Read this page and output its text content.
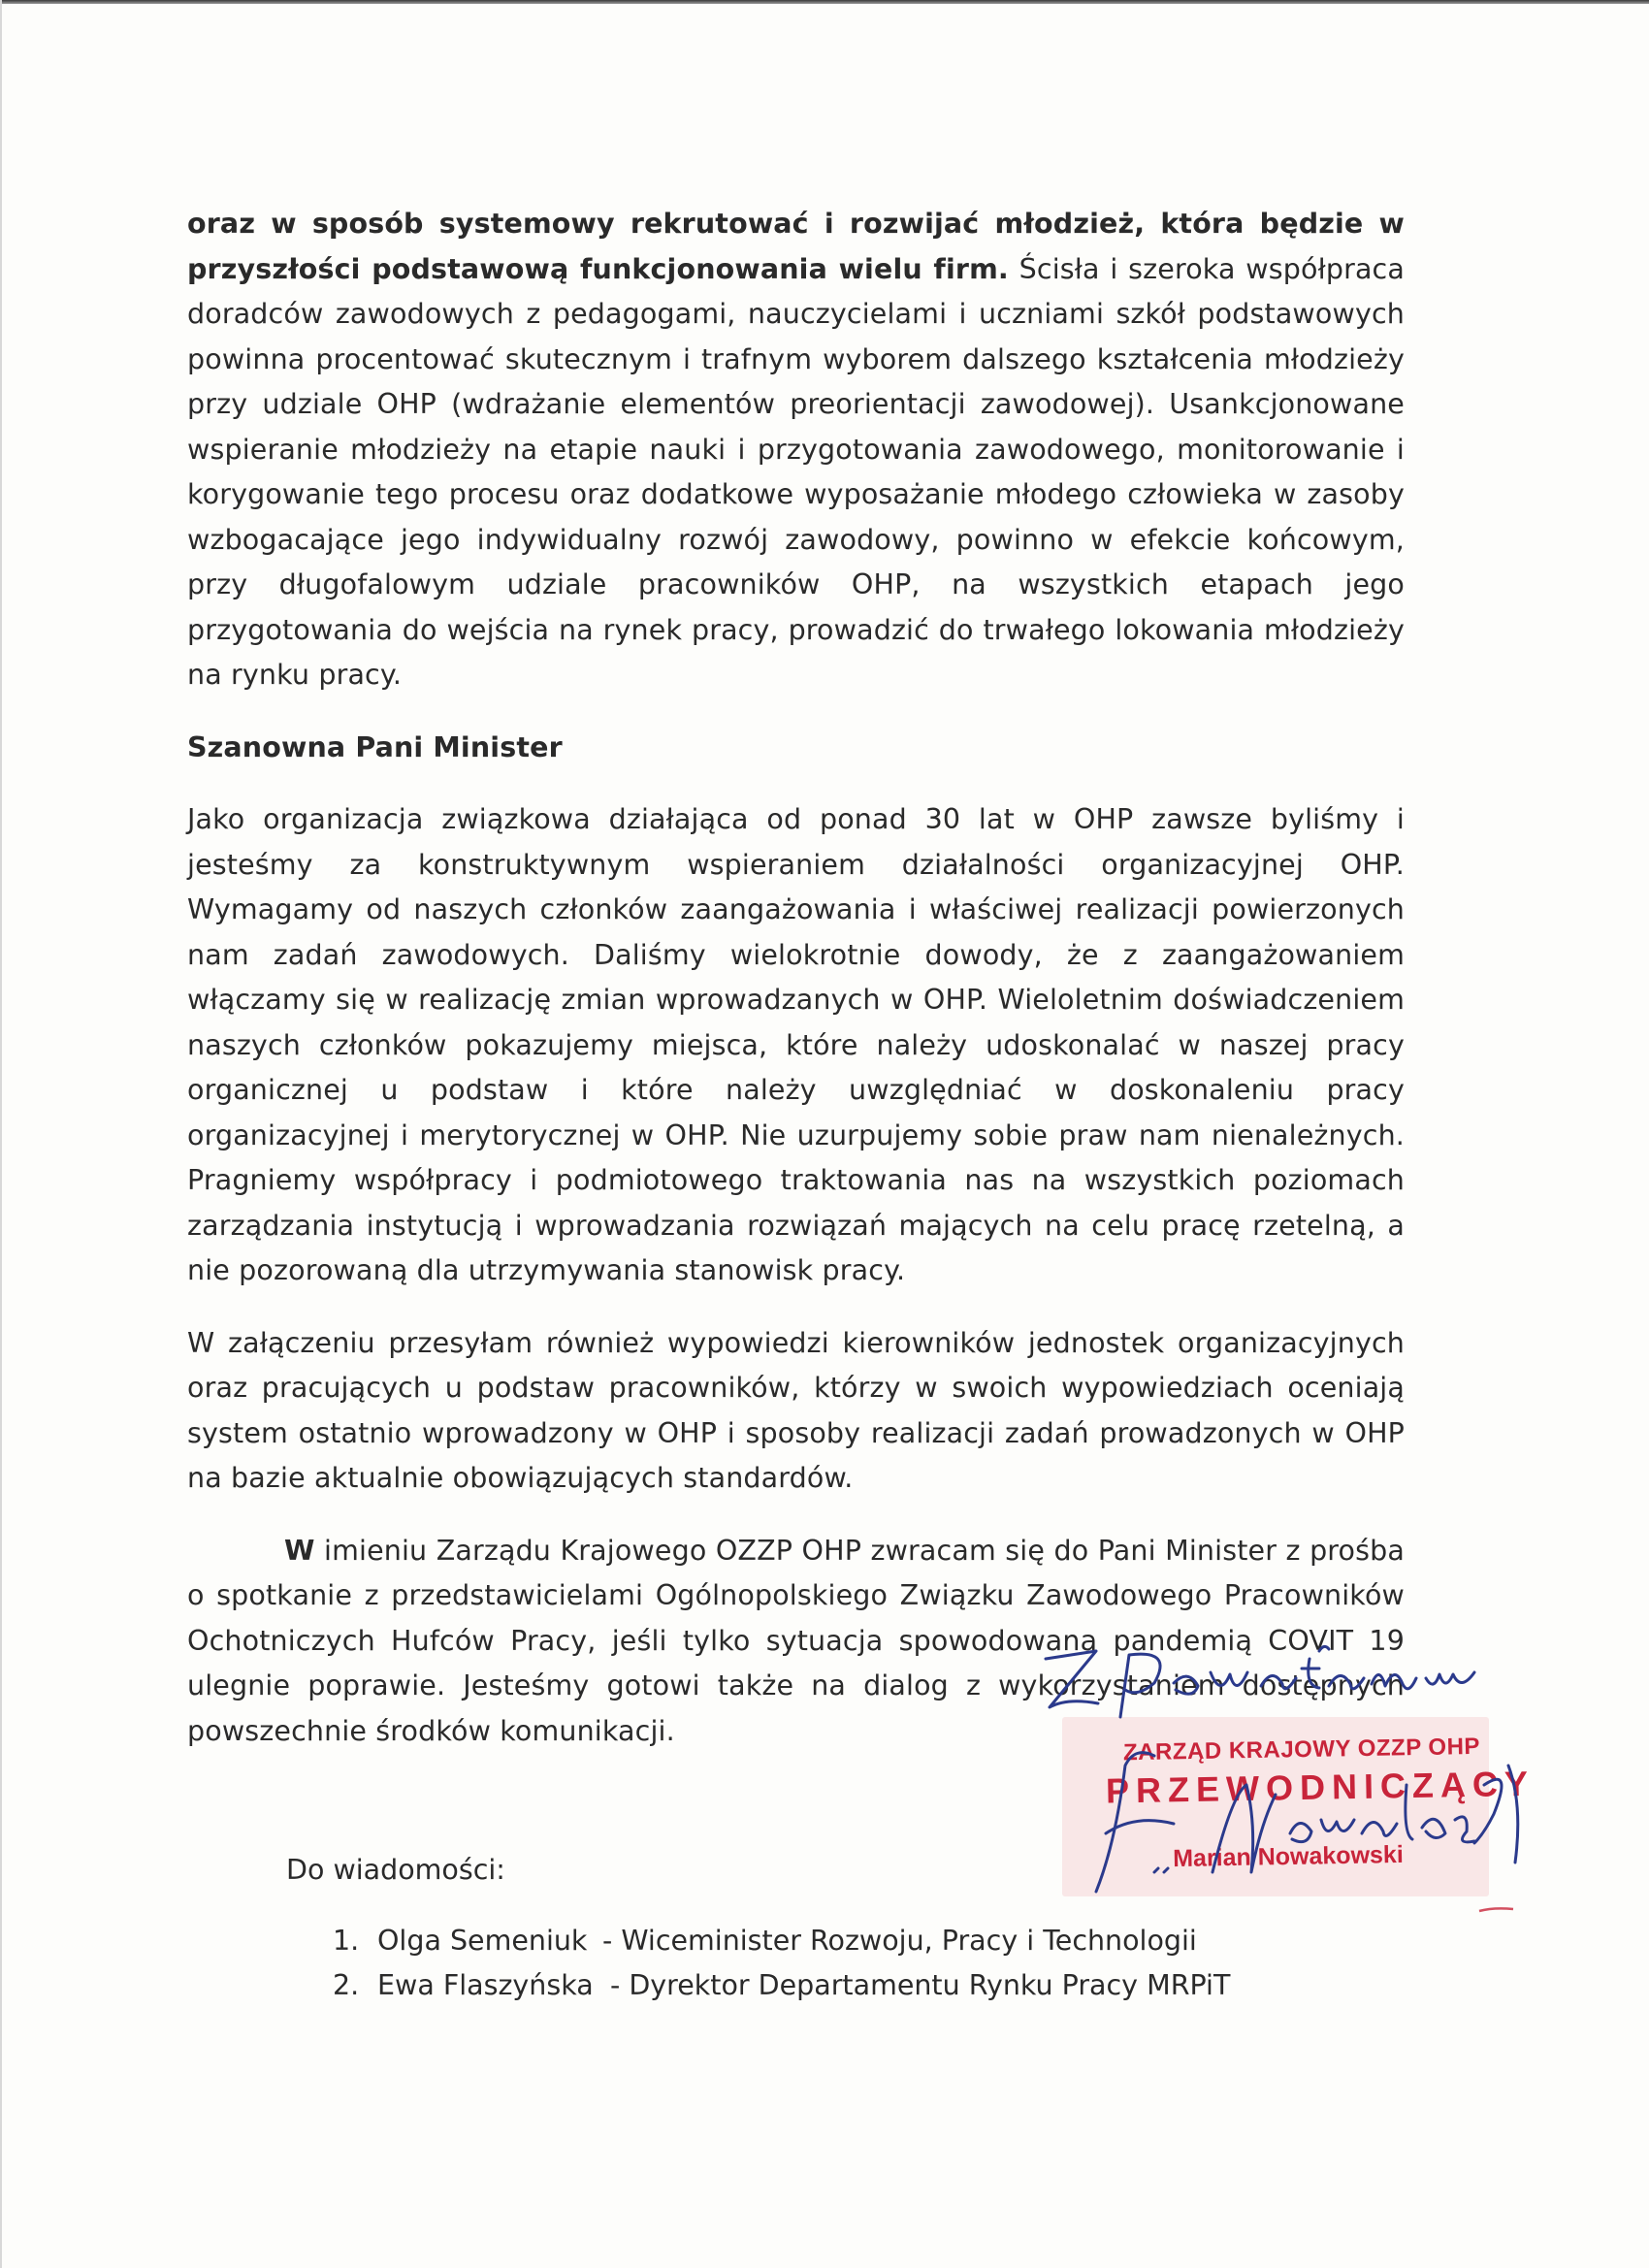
oraz w sposób systemowy rekrutować i rozwijać młodzież, która będzie w przyszłości podstawową funkcjonowania wielu firm. Ścisła i szeroka współpraca doradców zawodowych z pedagogami, nauczycielami i uczniami szkół podstawowych powinna procentować skutecznym i trafnym wyborem dalszego kształcenia młodzieży przy udziale OHP (wdrażanie elementów preorientacji zawodowej). Usankcjonowane wspieranie młodzieży na etapie nauki i przygotowania zawodowego, monitorowanie i korygowanie tego procesu oraz dodatkowe wyposażanie młodego człowieka w zasoby wzbogacające jego indywidualny rozwój zawodowy, powinno w efekcie końcowym, przy długofalowym udziale pracowników OHP, na wszystkich etapach jego przygotowania do wejścia na rynek pracy, prowadzić do trwałego lokowania młodzieży na rynku pracy.

Szanowna Pani Minister

Jako organizacja związkowa działająca od ponad 30 lat w OHP zawsze byliśmy i jesteśmy za konstruktywnym wspieraniem działalności organizacyjnej OHP. Wymagamy od naszych członków zaangażowania i właściwej realizacji powierzonych nam zadań zawodowych. Daliśmy wielokrotnie dowody, że z zaangażowaniem włączamy się w realizację zmian wprowadzanych w OHP. Wieloletnim doświadczeniem naszych członków pokazujemy miejsca, które należy udoskonalać w naszej pracy organicznej u podstaw i które należy uwzględniać w doskonaleniu pracy organizacyjnej i merytorycznej w OHP. Nie uzurpujemy sobie praw nam nienależnych. Pragniemy współpracy i podmiotowego traktowania nas na wszystkich poziomach zarządzania instytucją i wprowadzania rozwiązań mających na celu pracę rzetelną, a nie pozorowaną dla utrzymywania stanowisk pracy.

W załączeniu przesyłam również wypowiedzi kierowników jednostek organizacyjnych oraz pracujących u podstaw pracowników, którzy w swoich wypowiedziach oceniają system ostatnio wprowadzony w OHP i sposoby realizacji zadań prowadzonych w OHP na bazie aktualnie obowiązujących standardów.

W imieniu Zarządu Krajowego OZZP OHP zwracam się do Pani Minister z prośba o spotkanie z przedstawicielami Ogólnopolskiego Związku Zawodowego Pracowników Ochotniczych Hufców Pracy, jeśli tylko sytuacja spowodowana pandemią COVIT 19 ulegnie poprawie. Jesteśmy gotowi także na dialog z wykorzystaniem dostępnych powszechnie środków komunikacji.

ZARZĄD KRAJOWY OZZP OHP
PRZEWODNICZĄCY
Marian Nowakowski
Do wiadomości:
1. Olga Semeniuk - Wiceminister Rozwoju, Pracy i Technologii
2. Ewa Flaszyńska - Dyrektor Departamentu Rynku Pracy MRPiT
